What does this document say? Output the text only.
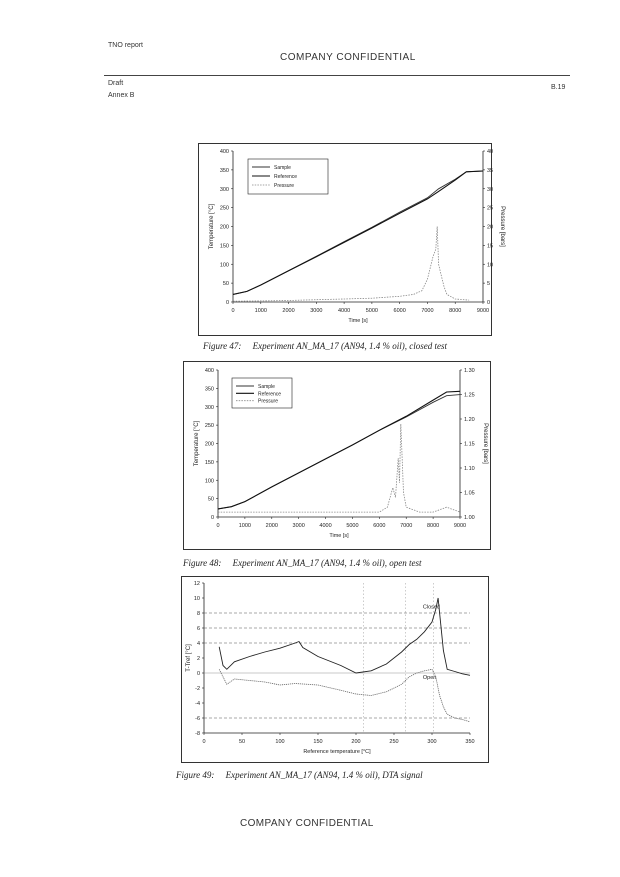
TNO report
COMPANY CONFIDENTIAL
Draft
Annex B
B.19
0	1000	2000	3000	4000	5000	6000	7000	8000	9000
0
50
100
150
200
250
300
350
400
0
5
10
15
20
25
30
35
40
Time [s]
Temperature [°C]	Pressure [bars]
Sample
Reference
Pressure
Figure 47:     Experiment AN_MA_17 (AN94, 1.4 % oil), closed test
0	1000	2000	3000	4000	5000	6000	7000	8000	9000
0
50
100
150
200
250
300
350
400
1.00
1.05
1.10
1.15
1.20
1.25
1.30
Time [s]
Temperature [°C]	Pressure [bars]
Sample
Reference
Pressure
Figure 48:     Experiment AN_MA_17 (AN94, 1.4 % oil), open test
0	50	100	150	200	250	300	350
-8
-6
-4
-2
0
2
4
6
8
10
12
Reference temperature [°C]
T-Tref [°C]
Closed
Open
Figure 49:     Experiment AN_MA_17 (AN94, 1.4 % oil), DTA signal
COMPANY CONFIDENTIAL
